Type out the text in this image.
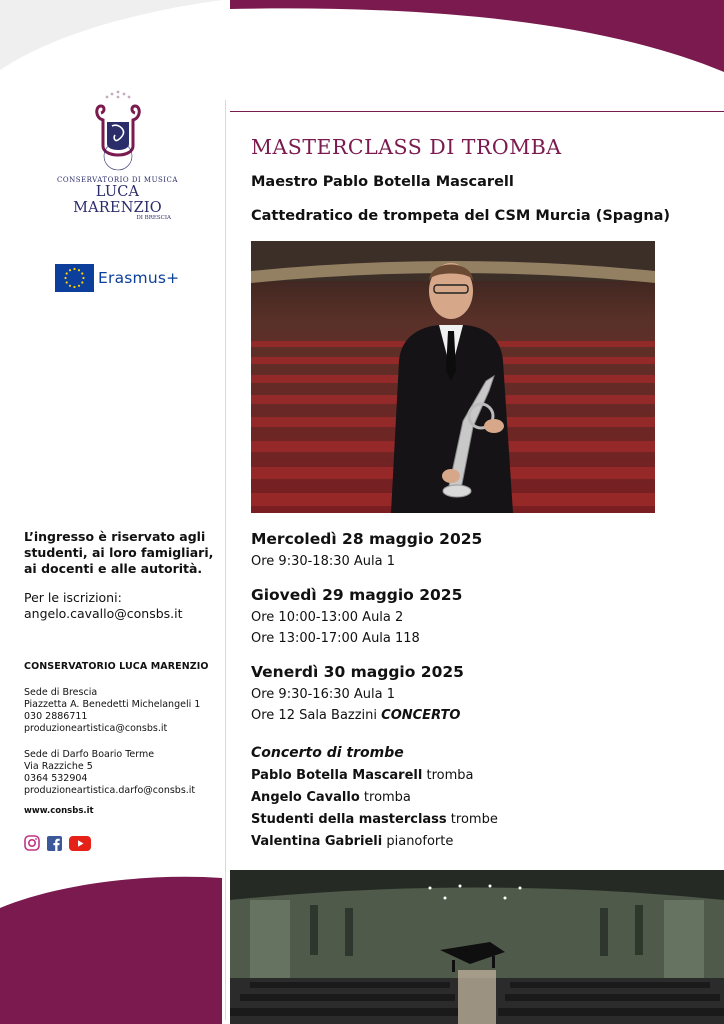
CONSERVATORIO DI MUSICA
LUCA MARENZIO
DI BRESCIA
Erasmus+
L’ingresso è riservato agli studenti, ai loro famigliari, ai docenti e alle autorità.
Per le iscrizioni:
angelo.cavallo@consbs.it
CONSERVATORIO LUCA MARENZIO
Sede di Brescia
Piazzetta A. Benedetti Michelangeli 1
030 2886711
produzioneartistica@consbs.it
Sede di Darfo Boario Terme
Via Razziche 5
0364 532904
produzioneartistica.darfo@consbs.it
www.consbs.it
MASTERCLASS DI TROMBA
Maestro Pablo Botella Mascarell
Cattedratico de trompeta del CSM Murcia (Spagna)
Mercoledì 28 maggio 2025
Ore 9:30-18:30 Aula 1
Giovedì 29 maggio 2025
Ore 10:00-13:00 Aula 2
Ore 13:00-17:00 Aula 118
Venerdì 30 maggio 2025
Ore 9:30-16:30 Aula 1
Ore 12 Sala Bazzini CONCERTO
Concerto di trombe
Pablo Botella Mascarell tromba
Angelo Cavallo tromba
Studenti della masterclass trombe
Valentina Gabrieli pianoforte
